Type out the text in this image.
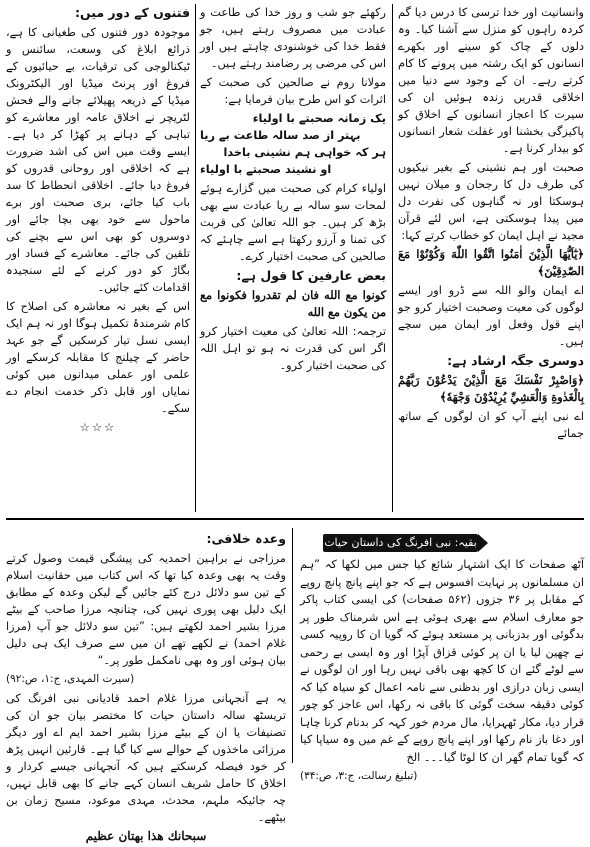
وانسانیت اور خدا ترسی کا درس دیا گم کردہ راہوں کو منزل سے آشنا کیا۔ وہ دلوں کے چاک کو سینے اور بکھرے انسانوں کو ایک رشتہ میں پرونے کا کام کرتے رہے۔ ان کے وجود سے دنیا میں اخلاقی قدریں زندہ ہوئیں ان کی سیرت کا اعجاز انسانوں کے اخلاق کو پاکیزگی بخشنا اور غفلت شعار انسانوں کو بیدار کرنا ہے۔

صحبت اور ہم نشینی کے بغیر نیکیوں کی طرف دل کا رجحان و میلان نہیں ہوسکتا اور نہ گناہوں کی نفرت دل میں پیدا ہوسکتی ہے، اس لئے قرآن مجید نے اہل ایمان کو خطاب کرتے کہا:

﴿يٰٓاَيُّهَا الَّذِيْنَ اٰمَنُوا اتَّقُوا اللّٰهَ وَكُوْنُوْا مَعَ الصّٰدِقِيْنَ﴾

اے ایمان والو اللہ سے ڈرو اور ایسے لوگوں کی معیت وصحبت اختیار کرو جو اپنے قول وفعل اور ایمان میں سچے ہیں۔

دوسری جگہ ارشاد ہے:

﴿وَاصْبِرْ نَفْسَكَ مَعَ الَّذِيْنَ يَدْعُوْنَ رَبَّهُمْ بِالْغَدٰوةِ وَالْعَشِيِّ يُرِيْدُوْنَ وَجْهَهٗ﴾

اے نبی اپنے آپ کو ان لوگوں کے ساتھ جمائے

رکھئے جو شب و روز خدا کی طاعت و عبادت میں مصروف رہتے ہیں، جو فقط خدا کی خوشنودی چاہتے ہیں اور اس کی مرضی پر رضامند رہتے ہیں۔

مولانا روم نے صالحین کی صحبت کے اثرات کو اس طرح بیان فرمایا ہے:

یک زمانہ صحبتے با اولیاء
بہتر از صد سالہ طاعت بے ریا
ہر کہ خواہی ہم نشینی باخدا
او نشیند صحبتے با اولیاء

اولیاء کرام کی صحبت میں گزارے ہوئے لمحات سو سالہ بے ریا عبادت سے بھی بڑھ کر ہیں۔ جو اللہ تعالیٰ کی قربت کی تمنا و آرزو رکھتا ہے اسے چاہئے کہ صالحین کی صحبت اختیار کرے۔

بعض عارفین کا قول ہے:

كونوا مع الله فان لم تقدروا فكونوا مع من يكون مع الله

ترجمہ: اللہ تعالیٰ کی معیت اختیار کرو اگر اس کی قدرت نہ ہو تو اہل اللہ کی صحبت اختیار کرو۔

فتنوں کے دور میں:

موجودہ دور فتنوں کی طغیانی کا ہے، ذرائع ابلاغ کی وسعت، سائنس و ٹیکنالوجی کی ترقیات، بے حیائیوں کے فروغ اور پرنٹ میڈیا اور الیکٹرونک میڈیا کے ذریعہ پھیلائے جانے والے فحش لٹریچر نے اخلاق عامہ اور معاشرے کو تباہی کے دہانے پر کھڑا کر دیا ہے۔ ایسے وقت میں اس کی اشد ضرورت ہے کہ اخلاقی اور روحانی قدروں کو فروغ دیا جائے۔ اخلاقی انحطاط کا سد باب کیا جائے، بری صحبت اور برے ماحول سے خود بھی بچا جائے اور دوسروں کو بھی اس سے بچنے کی تلقین کی جائے۔ معاشرے کے فساد اور بگاڑ کو دور کرنے کے لئے سنجیدہ اقدامات کئے جائیں۔

اس کے بغیر نہ معاشرہ کی اصلاح کا کام شرمندۂ تکمیل ہوگا اور نہ ہم ایک ایسی نسل تیار کرسکیں گے جو عہد حاضر کے چیلنج کا مقابلہ کرسکے اور علمی اور عملی میدانوں میں کوئی نمایاں اور قابل ذکر خدمت انجام دے سکے۔

☆☆☆

بقیہ: نبی افرنگ کی داستان حیات

آٹھ صفحات کا ایک اشتہار شائع کیا جس میں لکھا کہ ”ہم ان مسلمانوں پر نہایت افسوس ہے کہ جو اپنے پانچ پانچ روپے کے مقابل پر ۳۶ جزوں (۵۶۲ صفحات) کی ایسی کتاب پاکر جو معارف اسلام سے بھری ہوئی ہے اس شرمناک طور پر بدگوئی اور بدزبانی پر مستعد ہوئے کہ گویا ان کا روپیہ کسی نے چھین لیا یا ان پر کوئی قزاق آپڑا اور وہ ایسی بے رحمی سے لوٹے گئے ان کا کچھ بھی باقی نہیں رہا اور ان لوگوں نے ایسی زبان درازی اور بدظنی سے نامہ اعمال کو سیاہ کیا کہ کوئی دقیقہ سخت گوئی کا باقی نہ رکھا، اس عاجز کو چور قرار دیا، مکار ٹھہرایا، مال مردم خور کہہ کر بدنام کرنا چاہا اور دغا باز نام رکھا اور اپنے پانچ روپے کے غم میں وہ سیاپا کیا کہ گویا تمام گھر ان کا لوٹا گیا۔۔۔ الخ

(تبلیغ رسالت، ج:۳، ص:۳۴)

وعدہ خلافی:

مرزاجی نے براہین احمدیہ کی پیشگی قیمت وصول کرتے وقت یہ بھی وعدہ کیا تھا کہ اس کتاب میں حقانیت اسلام کے تین سو دلائل درج کئے جائیں گے لیکن وعدہ کے مطابق ایک دلیل بھی پوری نہیں کی، چنانچہ مرزا صاحب کے بیٹے مرزا بشیر احمد لکھتے ہیں: ”تین سو دلائل جو آپ (مرزا غلام احمد) نے لکھے تھے ان میں سے صرف ایک ہی دلیل بیان ہوئی اور وہ بھی نامکمل طور پر۔“

(سیرت المہدی، ج:۱، ص:۹۲)

یہ ہے آنجہانی مرزا غلام احمد قادیانی نبی افرنگ کی تریسٹھ سالہ داستان حیات کا مختصر بیان جو ان کی تصنیفات یا ان کے بیٹے مرزا بشیر احمد ایم اے اور دیگر مرزائی ماخذوں کے حوالے سے کیا گیا ہے۔ قارئین انہیں پڑھ کر خود فیصلہ کرسکتے ہیں کہ آنجہانی جیسے کردار و اخلاق کا حامل شریف انسان کہے جانے کا بھی قابل نہیں، چہ جائیکہ ملہم، محدث، مہدی موعود، مسیح زمان بن بیٹھے۔

سبحانك هذا بهتان عظيم
